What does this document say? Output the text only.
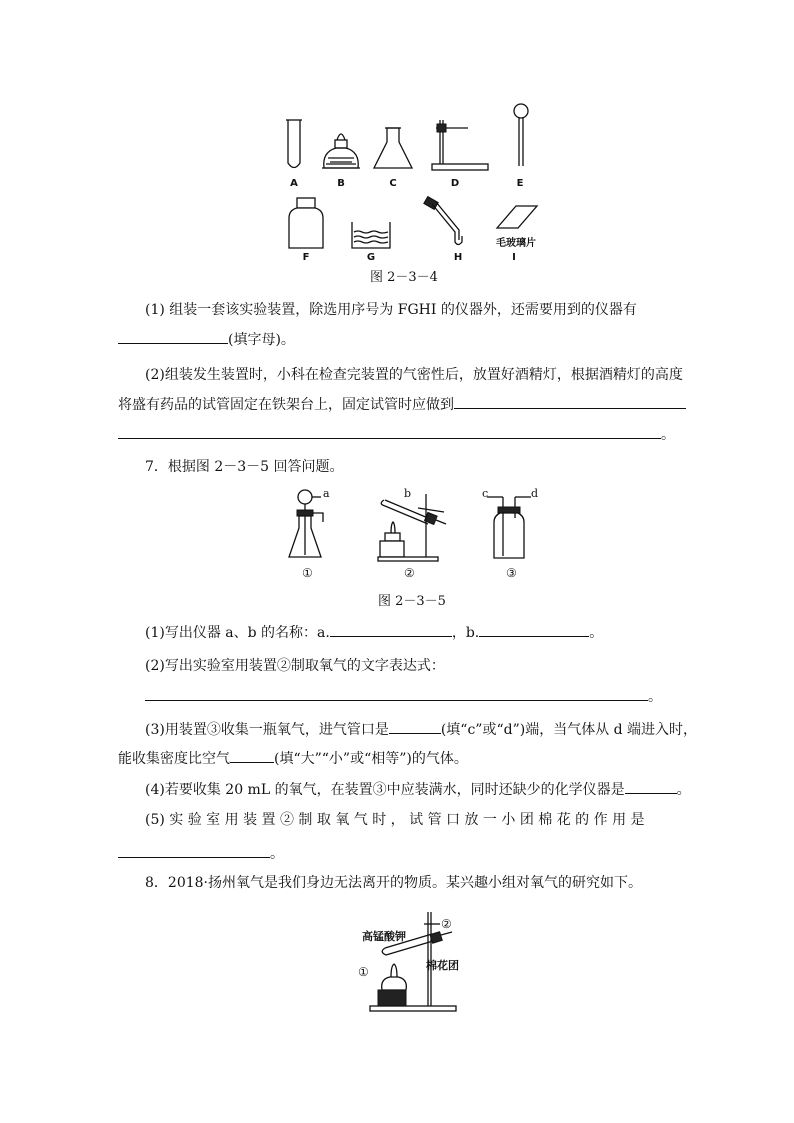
A	B	C	D	E
F	G	H
毛玻璃片
I
图 2－3－4
(1) 组装一套该实验装置，除选用序号为 FGHI 的仪器外，还需要用到的仪器有
(填字母)。
(2)组装发生装置时，小科在检查完装置的气密性后，放置好酒精灯，根据酒精灯的高度
将盛有药品的试管固定在铁架台上，固定试管时应做到
。
7．根据图 2－3－5 回答问题。
a	b	c	d
①	②	③
图 2－3－5
(1)写出仪器 a、b 的名称：a.	，b.	。
(2)写出实验室用装置②制取氧气的文字表达式：
。
(3)用装置③收集一瓶氧气，进气管口是	(填“c”或“d”)端，当气体从 d 端进入时，
能收集密度比空气	(填“大”“小”或“相等”)的气体。
(4)若要收集 20 mL 的氧气，在装置③中应装满水，同时还缺少的化学仪器是	。
(5) 实 验 室 用 装 置 ② 制 取 氧 气 时 ， 试 管 口 放 一 小 团 棉 花 的 作 用 是
。
8．2018·扬州氧气是我们身边无法离开的物质。某兴趣小组对氧气的研究如下。
高锰酸钾
棉花团
①
②
